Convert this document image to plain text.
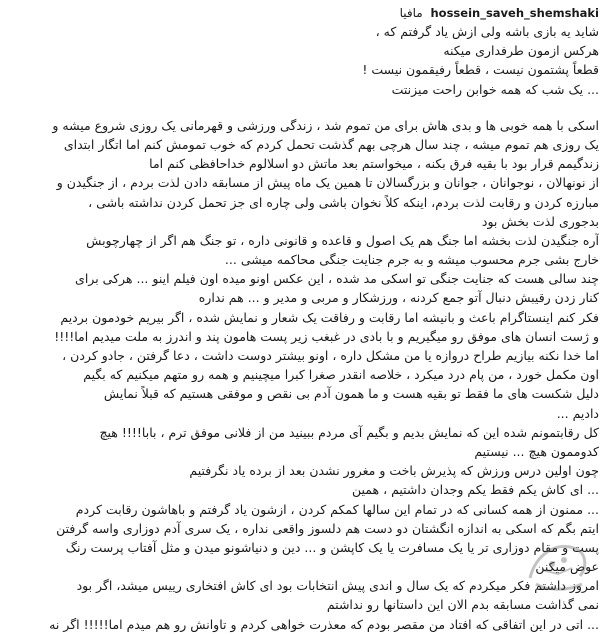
hossein_saveh_shemshaki مافیا
شاید یه بازی باشه ولی ازش یاد گرفتم که ،
هرکس ازمون طرفداری میکنه
قطعاً پشتمون نیست ، قطعاً رفیقمون نیست !
... یک شب که همه خوابن راحت میزنتت
اسکی با همه خوبی ها و بدی هاش برای من تموم شد ، زندگی ورزشی و قهرمانی یک روزی شروع میشه و
یک روزی هم تموم میشه ، چند سال هرچی بهم گذشت تحمل کردم که خوب تمومش کنم اما اتگار ابتدای
زندگیمم قرار بود با بقیه فرق بکنه ، میخواستم بعد ماتش دو اسلالوم خداحافظی کنم اما
از نونهالان ، نوجوانان ، جوانان و بزرگسالان تا همین یک ماه پیش از مسابقه دادن لذت بردم ، از جنگیدن و
مبارزه کردن و رقابت لذت بردم، اینکه کلاً نخوان باشی ولی چاره ای جز تحمل کردن نداشته باشی ،
بدجوری لذت بخش بود
آره جنگیدن لذت بخشه اما جنگ هم یک اصول و قاعده و قانونی داره ، تو جنگ هم اگر از چهارچوبش
خارج بشی جرم محسوب میشه و به جرم جنایت جنگی محاکمه میشی ...
چند سالی هست که جنایت جنگی تو اسکی مد شده ، این عکس اونو میده اون فیلم اینو ... هرکی برای
کنار زدن رقیبش دنبال آتو جمع کردنه ، ورزشکار و مربی و مدیر و ... هم نداره
فکر کنم اینستاگرام باعث و بانیشه اما رقابت و رفاقت یک شعار و نمایش شده ، اگر بیریم خودمون بردیم
و ژست انسان های موفق رو میگیریم و با بادی در غبغب زیر پست هامون پند و اندرز به ملت میدیم اما!!!!
اما خدا نکنه بیازیم طراح دروازه یا من مشکل داره ، اونو بیشتر دوست داشت ، دعا گرفتن ، جادو کردن ،
اون مکمل خورد ، من پام درد میکرد ، خلاصه انقدر صغرا کبرا میچینیم و همه رو متهم میکنیم که بگیم
دلیل شکست های ما فقط تو بقیه هست و ما همون آدم بی نقص و موفقی هستیم که قبلاً نمایش
دادیم ...
کل رقابتمونم شده این که نمایش بدیم و بگیم آی مردم ببینید من از فلانی موفق ترم ، بابا!!!! هیچ
کدوممون هیچ ... نیستیم
چون اولین درس ورزش که پذیرش باخت و مغرور نشدن بعد از برده یاد نگرفتیم
... ای کاش یکم فقط یکم وجدان داشتیم ، همین
... ممنون از همه کسانی که در تمام این سالها کمکم کردن ، ازشون یاد گرفتم و باهاشون رقابت کردم
ایتم بگم که اسکی به اندازه انگشتان دو دست هم دلسوز واقعی نداره ، یک سری آدم دوزاری واسه گرفتن
پست و مقام دوزاری تر یا یک مسافرت یا یک کاپشن و ... دین و دنیاشونو میدن و مثل آفتاب پرست رنگ
عوض میکنن
امروز داشتم فکر میکردم که یک سال و اندی پیش انتخابات بود ای کاش افتخاری رییس میشد، اگر بود
نمی گذاشت مسابقه بدم الان این داستانها رو نداشتم
... اتی در این اتفاقی که افتاد من مقصر بودم که معذرت خواهی کردم و تاوانش رو هم میدم اما!!!!! اگر نه
